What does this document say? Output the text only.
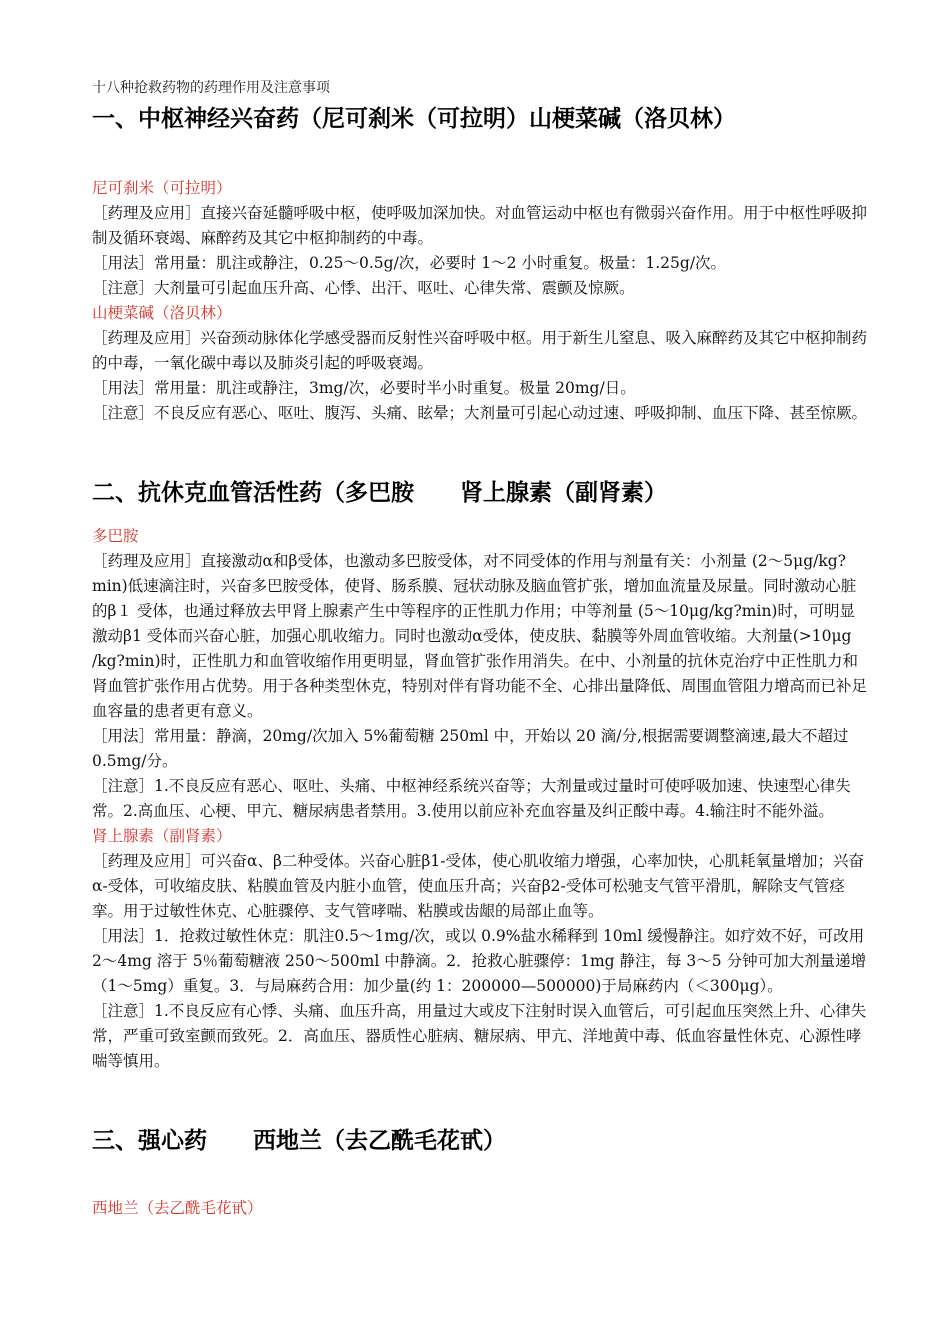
十八种抢救药物的药理作用及注意事项
一、中枢神经兴奋药（尼可刹米（可拉明）山梗菜碱（洛贝林）

尼可刹米（可拉明）

［药理及应用］直接兴奋延髓呼吸中枢，使呼吸加深加快。对血管运动中枢也有微弱兴奋作用。用于中枢性呼吸抑制及循环衰竭、麻醉药及其它中枢抑制药的中毒。

［用法］常用量：肌注或静注，0.25～0.5g/次，必要时 1～2 小时重复。极量：1.25g/次。

［注意］大剂量可引起血压升高、心悸、出汗、呕吐、心律失常、震颤及惊厥。

山梗菜碱（洛贝林）

［药理及应用］兴奋颈动脉体化学感受器而反射性兴奋呼吸中枢。用于新生儿窒息、吸入麻醉药及其它中枢抑制药的中毒，一氧化碳中毒以及肺炎引起的呼吸衰竭。

［用法］常用量：肌注或静注，3mg/次，必要时半小时重复。极量 20mg/日。

［注意］不良反应有恶心、呕吐、腹泻、头痛、眩晕；大剂量可引起心动过速、呼吸抑制、血压下降、甚至惊厥。

二、抗休克血管活性药（多巴胺　　肾上腺素（副肾素）

多巴胺

［药理及应用］直接激动α和β受体，也激动多巴胺受体，对不同受体的作用与剂量有关：小剂量 (2～5μg/kg?min)低速滴注时，兴奋多巴胺受体，使肾、肠系膜、冠状动脉及脑血管扩张，增加血流量及尿量。同时激动心脏的β１ 受体，也通过释放去甲肾上腺素产生中等程序的正性肌力作用；中等剂量 (5～10μg/kg?min)时，可明显激动β1 受体而兴奋心脏，加强心肌收缩力。同时也激动α受体，使皮肤、黏膜等外周血管收缩。大剂量(>10μg /kg?min)时，正性肌力和血管收缩作用更明显，肾血管扩张作用消失。在中、小剂量的抗休克治疗中正性肌力和肾血管扩张作用占优势。用于各种类型休克，特别对伴有肾功能不全、心排出量降低、周围血管阻力增高而已补足血容量的患者更有意义。

［用法］常用量：静滴，20mg/次加入 5%葡萄糖 250ml 中，开始以 20 滴/分,根据需要调整滴速,最大不超过 0.5mg/分。

［注意］1.不良反应有恶心、呕吐、头痛、中枢神经系统兴奋等；大剂量或过量时可使呼吸加速、快速型心律失常。2.高血压、心梗、甲亢、糖尿病患者禁用。3.使用以前应补充血容量及纠正酸中毒。4.输注时不能外溢。

肾上腺素（副肾素）

［药理及应用］可兴奋α、β二种受体。兴奋心脏β1-受体，使心肌收缩力增强，心率加快，心肌耗氧量增加；兴奋α-受体，可收缩皮肤、粘膜血管及内脏小血管，使血压升高；兴奋β2-受体可松驰支气管平滑肌，解除支气管痉挛。用于过敏性休克、心脏骤停、支气管哮喘、粘膜或齿龈的局部止血等。

［用法］1．抢救过敏性休克：肌注0.5～1mg/次，或以 0.9%盐水稀释到 10ml 缓慢静注。如疗效不好，可改用 2～4mg 溶于 5％葡萄糖液 250～500ml 中静滴。2．抢救心脏骤停：1mg 静注，每 3～5 分钟可加大剂量递增（1～5mg）重复。3．与局麻药合用：加少量(约 1：200000—500000)于局麻药内（＜300μg）。

［注意］1.不良反应有心悸、头痛、血压升高，用量过大或皮下注射时误入血管后，可引起血压突然上升、心律失常，严重可致室颤而致死。2．高血压、器质性心脏病、糖尿病、甲亢、洋地黄中毒、低血容量性休克、心源性哮喘等慎用。

三、强心药　　西地兰（去乙酰毛花甙）

西地兰（去乙酰毛花甙）
